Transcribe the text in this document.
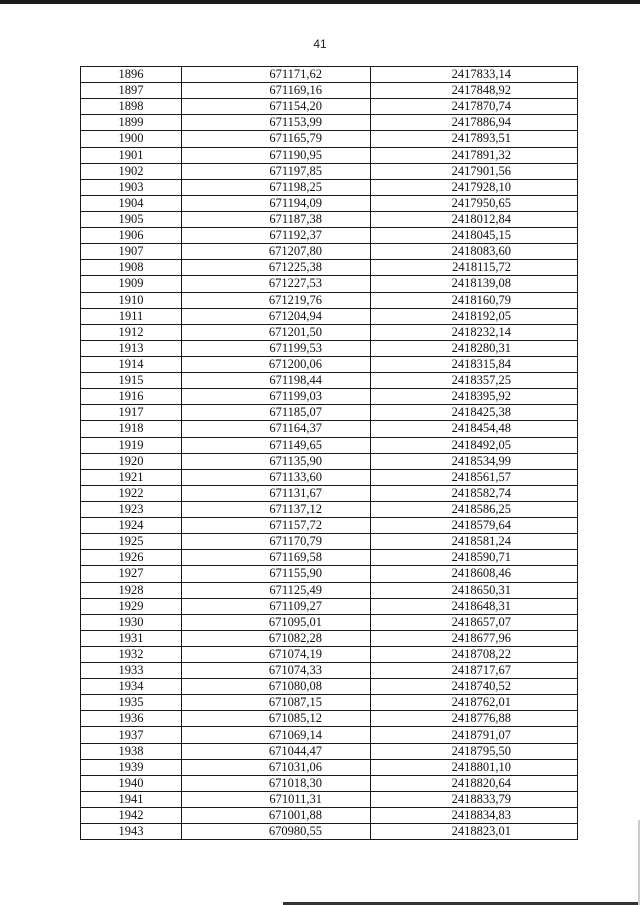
41
1896	671171,62	2417833,14
1897	671169,16	2417848,92
1898	671154,20	2417870,74
1899	671153,99	2417886,94
1900	671165,79	2417893,51
1901	671190,95	2417891,32
1902	671197,85	2417901,56
1903	671198,25	2417928,10
1904	671194,09	2417950,65
1905	671187,38	2418012,84
1906	671192,37	2418045,15
1907	671207,80	2418083,60
1908	671225,38	2418115,72
1909	671227,53	2418139,08
1910	671219,76	2418160,79
1911	671204,94	2418192,05
1912	671201,50	2418232,14
1913	671199,53	2418280,31
1914	671200,06	2418315,84
1915	671198,44	2418357,25
1916	671199,03	2418395,92
1917	671185,07	2418425,38
1918	671164,37	2418454,48
1919	671149,65	2418492,05
1920	671135,90	2418534,99
1921	671133,60	2418561,57
1922	671131,67	2418582,74
1923	671137,12	2418586,25
1924	671157,72	2418579,64
1925	671170,79	2418581,24
1926	671169,58	2418590,71
1927	671155,90	2418608,46
1928	671125,49	2418650,31
1929	671109,27	2418648,31
1930	671095,01	2418657,07
1931	671082,28	2418677,96
1932	671074,19	2418708,22
1933	671074,33	2418717,67
1934	671080,08	2418740,52
1935	671087,15	2418762,01
1936	671085,12	2418776,88
1937	671069,14	2418791,07
1938	671044,47	2418795,50
1939	671031,06	2418801,10
1940	671018,30	2418820,64
1941	671011,31	2418833,79
1942	671001,88	2418834,83
1943	670980,55	2418823,01
